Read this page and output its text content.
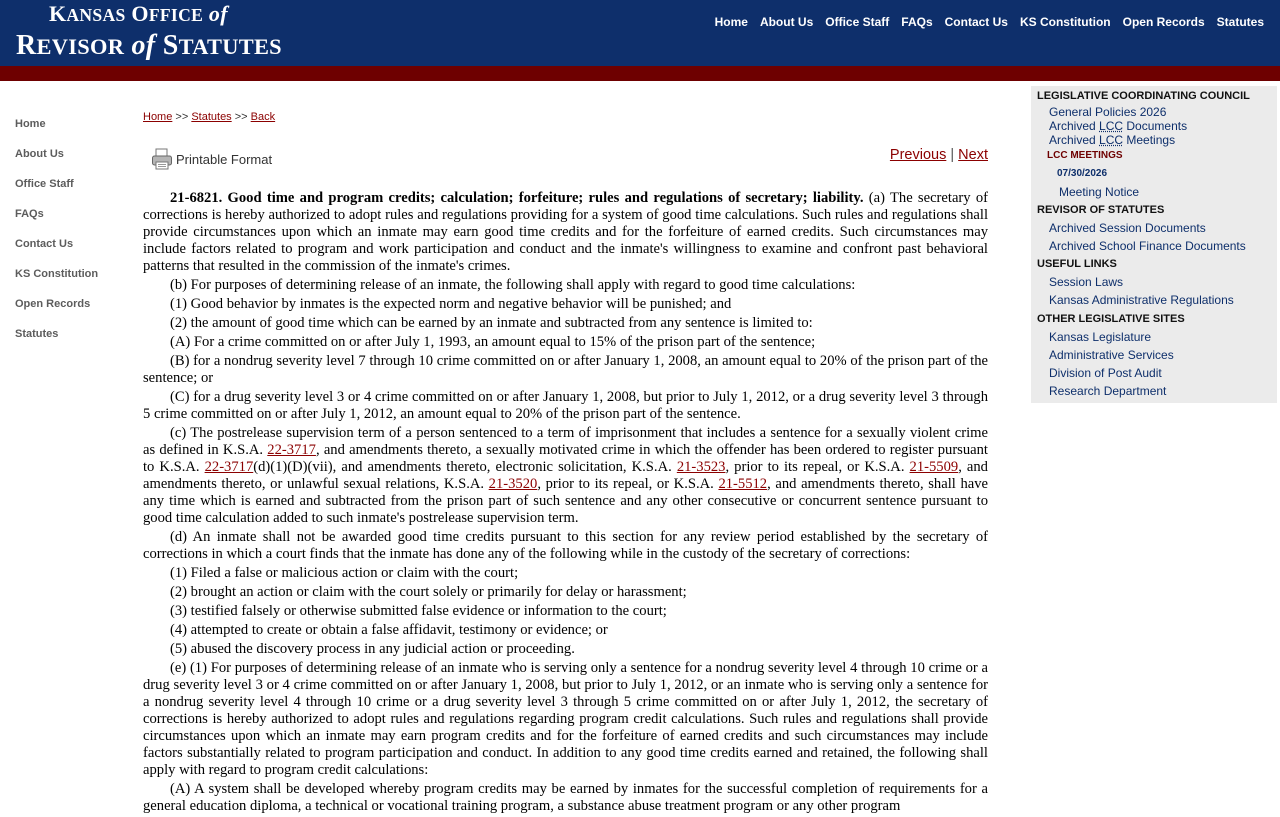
KANSAS OFFICE of
REVISOR of STATUTES
Home About Us Office Staff FAQs Contact Us KS Constitution Open Records Statutes
Home
About Us
Office Staff
FAQs
Contact Us
KS Constitution
Open Records
Statutes
Home >> Statutes >> Back
Printable Format	Previous | Next

21-6821. Good time and program credits; calculation; forfeiture; rules and regulations of secretary; liability. (a) The secretary of corrections is hereby authorized to adopt rules and regulations providing for a system of good time calculations. Such rules and regulations shall provide circumstances upon which an inmate may earn good time credits and for the forfeiture of earned credits. Such circumstances may include factors related to program and work participation and conduct and the inmate's willingness to examine and confront past behavioral patterns that resulted in the commission of the inmate's crimes.

(b) For purposes of determining release of an inmate, the following shall apply with regard to good time calculations:

(1) Good behavior by inmates is the expected norm and negative behavior will be punished; and

(2) the amount of good time which can be earned by an inmate and subtracted from any sentence is limited to:

(A) For a crime committed on or after July 1, 1993, an amount equal to 15% of the prison part of the sentence;

(B) for a nondrug severity level 7 through 10 crime committed on or after January 1, 2008, an amount equal to 20% of the prison part of the sentence; or

(C) for a drug severity level 3 or 4 crime committed on or after January 1, 2008, but prior to July 1, 2012, or a drug severity level 3 through 5 crime committed on or after July 1, 2012, an amount equal to 20% of the prison part of the sentence.

(c) The postrelease supervision term of a person sentenced to a term of imprisonment that includes a sentence for a sexually violent crime as defined in K.S.A. 22-3717, and amendments thereto, a sexually motivated crime in which the offender has been ordered to register pursuant to K.S.A. 22-3717(d)(1)(D)(vii), and amendments thereto, electronic solicitation, K.S.A. 21-3523, prior to its repeal, or K.S.A. 21-5509, and amendments thereto, or unlawful sexual relations, K.S.A. 21-3520, prior to its repeal, or K.S.A. 21-5512, and amendments thereto, shall have any time which is earned and subtracted from the prison part of such sentence and any other consecutive or concurrent sentence pursuant to good time calculation added to such inmate's postrelease supervision term.

(d) An inmate shall not be awarded good time credits pursuant to this section for any review period established by the secretary of corrections in which a court finds that the inmate has done any of the following while in the custody of the secretary of corrections:

(1) Filed a false or malicious action or claim with the court;

(2) brought an action or claim with the court solely or primarily for delay or harassment;

(3) testified falsely or otherwise submitted false evidence or information to the court;

(4) attempted to create or obtain a false affidavit, testimony or evidence; or

(5) abused the discovery process in any judicial action or proceeding.

(e) (1) For purposes of determining release of an inmate who is serving only a sentence for a nondrug severity level 4 through 10 crime or a drug severity level 3 or 4 crime committed on or after January 1, 2008, but prior to July 1, 2012, or an inmate who is serving only a sentence for a nondrug severity level 4 through 10 crime or a drug severity level 3 through 5 crime committed on or after July 1, 2012, the secretary of corrections is hereby authorized to adopt rules and regulations regarding program credit calculations. Such rules and regulations shall provide circumstances upon which an inmate may earn program credits and for the forfeiture of earned credits and such circumstances may include factors substantially related to program participation and conduct. In addition to any good time credits earned and retained, the following shall apply with regard to program credit calculations:

(A) A system shall be developed whereby program credits may be earned by inmates for the successful completion of requirements for a general education diploma, a technical or vocational training program, a substance abuse treatment program or any other program

LEGISLATIVE COORDINATING COUNCIL
General Policies 2026
Archived LCC Documents
Archived LCC Meetings
LCC MEETINGS
07/30/2026
Meeting Notice
REVISOR OF STATUTES
Archived Session Documents
Archived School Finance Documents
USEFUL LINKS
Session Laws
Kansas Administrative Regulations
OTHER LEGISLATIVE SITES
Kansas Legislature
Administrative Services
Division of Post Audit
Research Department
